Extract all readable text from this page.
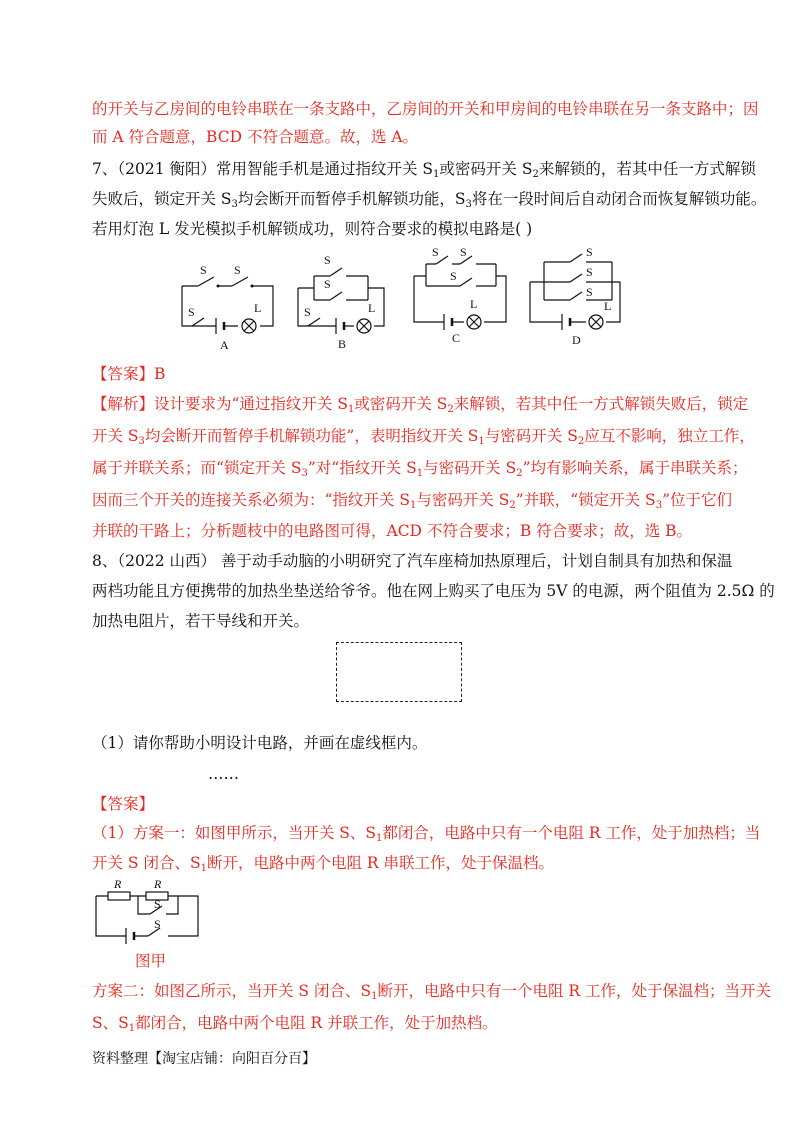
的开关与乙房间的电铃串联在一条支路中，乙房间的开关和甲房间的电铃串联在另一条支路中；因
而 A 符合题意，BCD 不符合题意。故，选 A。
7、（2021 衡阳）常用智能手机是通过指纹开关 $S_1$或密码开关 $S_2$来解锁的，若其中任一方式解锁
失败后，锁定开关 $S_3$均会断开而暂停手机解锁功能，$S_3$将在一段时间后自动闭合而恢复解锁功能。
若用灯泡 L 发光模拟手机解锁成功，则符合要求的模拟电路是( )
S S
S	L
A
S
S
S	L
B
S S
S
L
C
S
S
S
L
D
【答案】B
【解析】设计要求为“通过指纹开关 $S_1$或密码开关 $S_2$来解锁，若其中任一方式解锁失败后，锁定
开关 $S_3$均会断开而暂停手机解锁功能”，表明指纹开关 $S_1$与密码开关 $S_2$应互不影响，独立工作，
属于并联关系；而“锁定开关 $S_3$”对“指纹开关 $S_1$与密码开关 $S_2$”均有影响关系，属于串联关系；
因而三个开关的连接关系必须为：“指纹开关 $S_1$与密码开关 $S_2$”并联，“锁定开关 $S_3$”位于它们
并联的干路上；分析题枝中的电路图可得，ACD 不符合要求；B 符合要求；故，选 B。
8、（2022 山西） 善于动手动脑的小明研究了汽车座椅加热原理后，计划自制具有加热和保温
两档功能且方便携带的加热坐垫送给爷爷。他在网上购买了电压为 5V 的电源，两个阻值为 2.5Ω 的
加热电阻片，若干导线和开关。
（1）请你帮助小明设计电路，并画在虚线框内。
……
【答案】
（1）方案一：如图甲所示，当开关 S、$S_1$都闭合，电路中只有一个电阻 R 工作，处于加热档；当
开关 S 闭合、$S_1$断开，电路中两个电阻 R 串联工作，处于保温档。
R	R
S
S
图甲
方案二：如图乙所示，当开关 S 闭合、$S_1$断开，电路中只有一个电阻 R 工作，处于保温档；当开关
S、$S_1$都闭合，电路中两个电阻 R 并联工作，处于加热档。
资料整理【淘宝店铺：向阳百分百】
